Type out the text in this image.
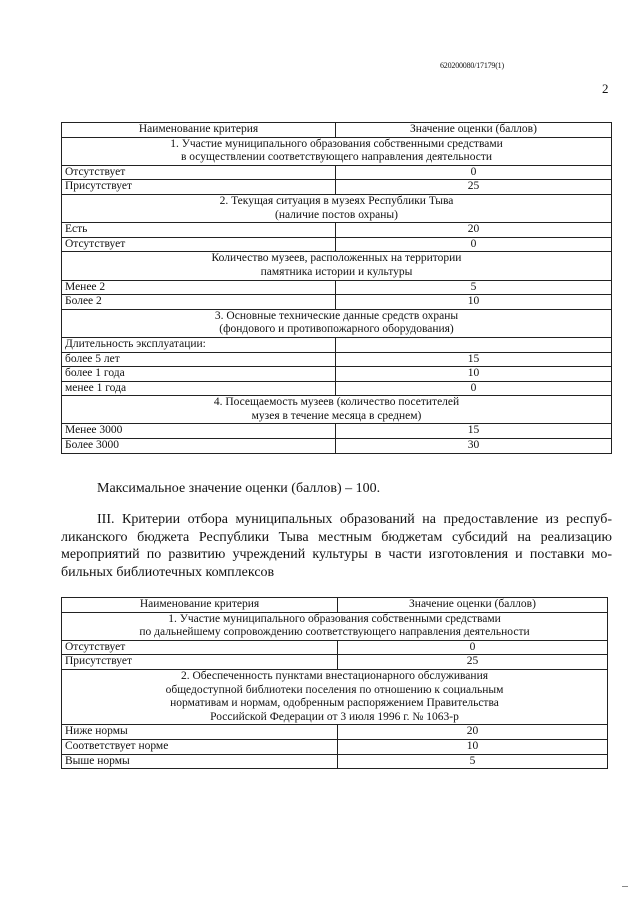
620200080/17179(1)
2
Наименование критерия	Значение оценки (баллов)

1. Участие муниципального образования собственными средствами
в осуществлении соответствующего направления деятельности	

Отсутствует	0
Присутствует	25

2. Текущая ситуация в музеях Республики Тыва
(наличие постов охраны)	

Есть	20
Отсутствует	0

Количество музеев, расположенных на территории
памятника истории и культуры	

Менее 2	5
Более 2	10

3. Основные технические данные средств охраны
(фондового и противопожарного оборудования)	

Длительность эксплуатации:	
более 5 лет	15
более 1 года	10
менее 1 года	0

4. Посещаемость музеев (количество посетителей
музея в течение месяца в среднем)	

Менее 3000	15
Более 3000	30
Максимальное значение оценки (баллов) – 100.
III. Критерии отбора муниципальных образований на предоставление из респуб-ликанского бюджета Республики Тыва местным бюджетам субсидий на реализацию мероприятий по развитию учреждений культуры в части изготовления и поставки мо-бильных библиотечных комплексов
Наименование критерия	Значение оценки (баллов)

1. Участие муниципального образования собственными средствами
по дальнейшему сопровождению соответствующего направления деятельности	

Отсутствует	0
Присутствует	25

2. Обеспеченность пунктами внестационарного обслуживания
общедоступной библиотеки поселения по отношению к социальным
нормативам и нормам, одобренным распоряжением Правительства
Российской Федерации от 3 июля 1996 г. № 1063-р	

Ниже нормы	20
Соответствует норме	10
Выше нормы	5
